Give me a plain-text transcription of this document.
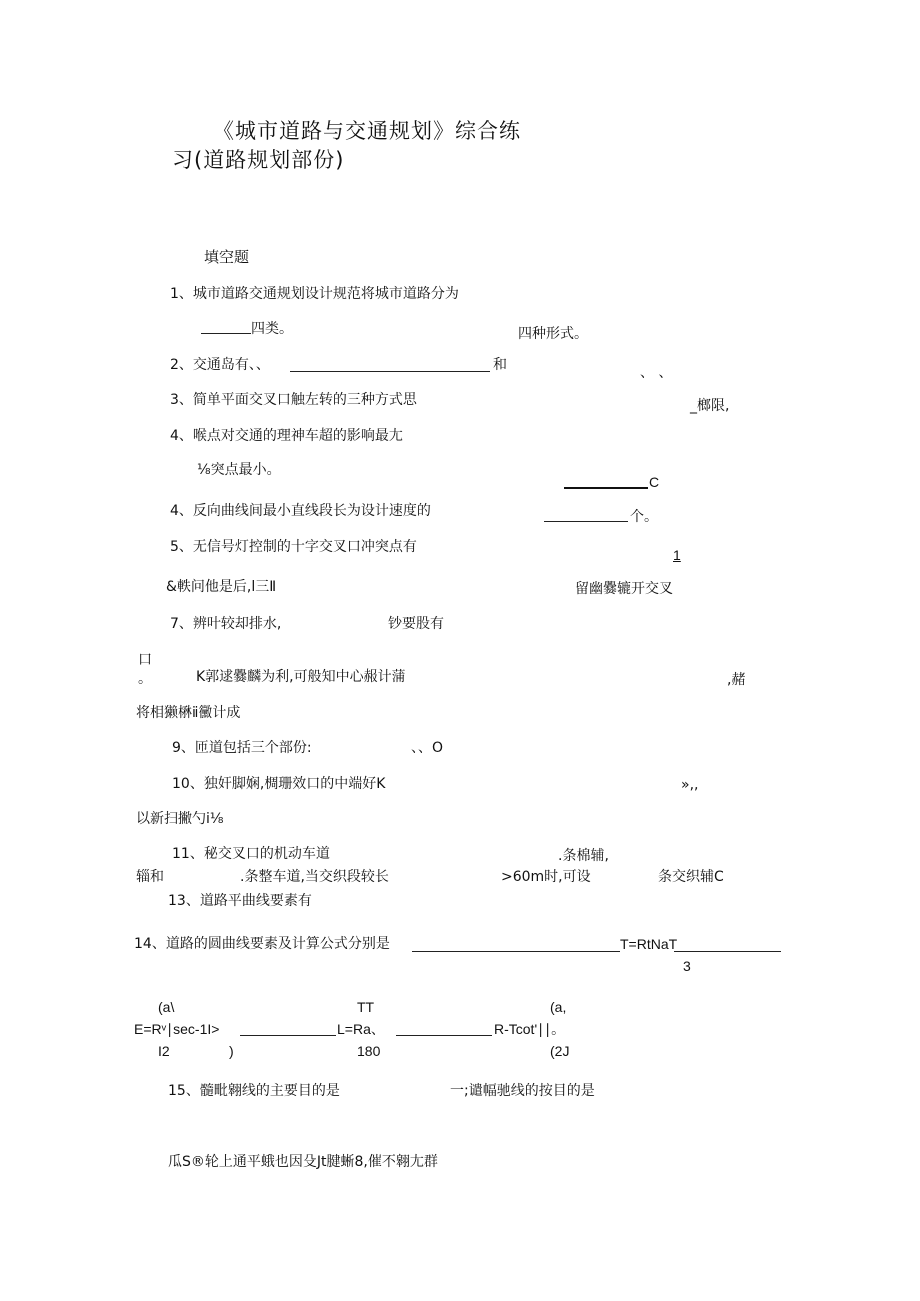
《城市道路与交通规划》综合练
习(道路规划部份)
填空题
1、城市道路交通规划设计规范将城市道路分为
四类。	四种形式。
2、交通岛有、、	和	、 、
3、简单平面交叉口触左转的三种方式思	_榔限,
4、喉点对交通的理神车超的影响最尢
⅛突点最小。
C
4、反向曲线间最小直线段长为设计速度的	个。
5、无信号灯控制的十字交叉口冲突点有	1
&軼问他是后,l三Ⅱ	留幽爨辘开交叉
7、辨叶较却排水,	钞要股有
口
。	K郭逑爨麟为利,可般知中心赧计蒲	,赭
将相獭楙ⅱ黴计成
9、匝道包括三个部份:	、、O
10、独奸脚娴,椆珊效口的中端好K	»,,
以新扫撇勺i⅛
11、秘交叉口的机动车道	.条棉辅,
辎和	.条整车道,当交织段较长	>60m时,可设	条交织辅C
13、道路平曲线要素有
14、道路的圆曲线要素及计算公式分别是	T=RtNaT
3
(a\	TT	(a,
E=Rᵛ∣sec-1I>	L=Ra、	R-Tcot'∣∣。
I2	)	180	(2J
15、髓毗翱线的主要目的是	一;谴幅驰线的按目的是
瓜S®轮上通平蛾也因殳Jt腱蜥8,催不翱尢群
